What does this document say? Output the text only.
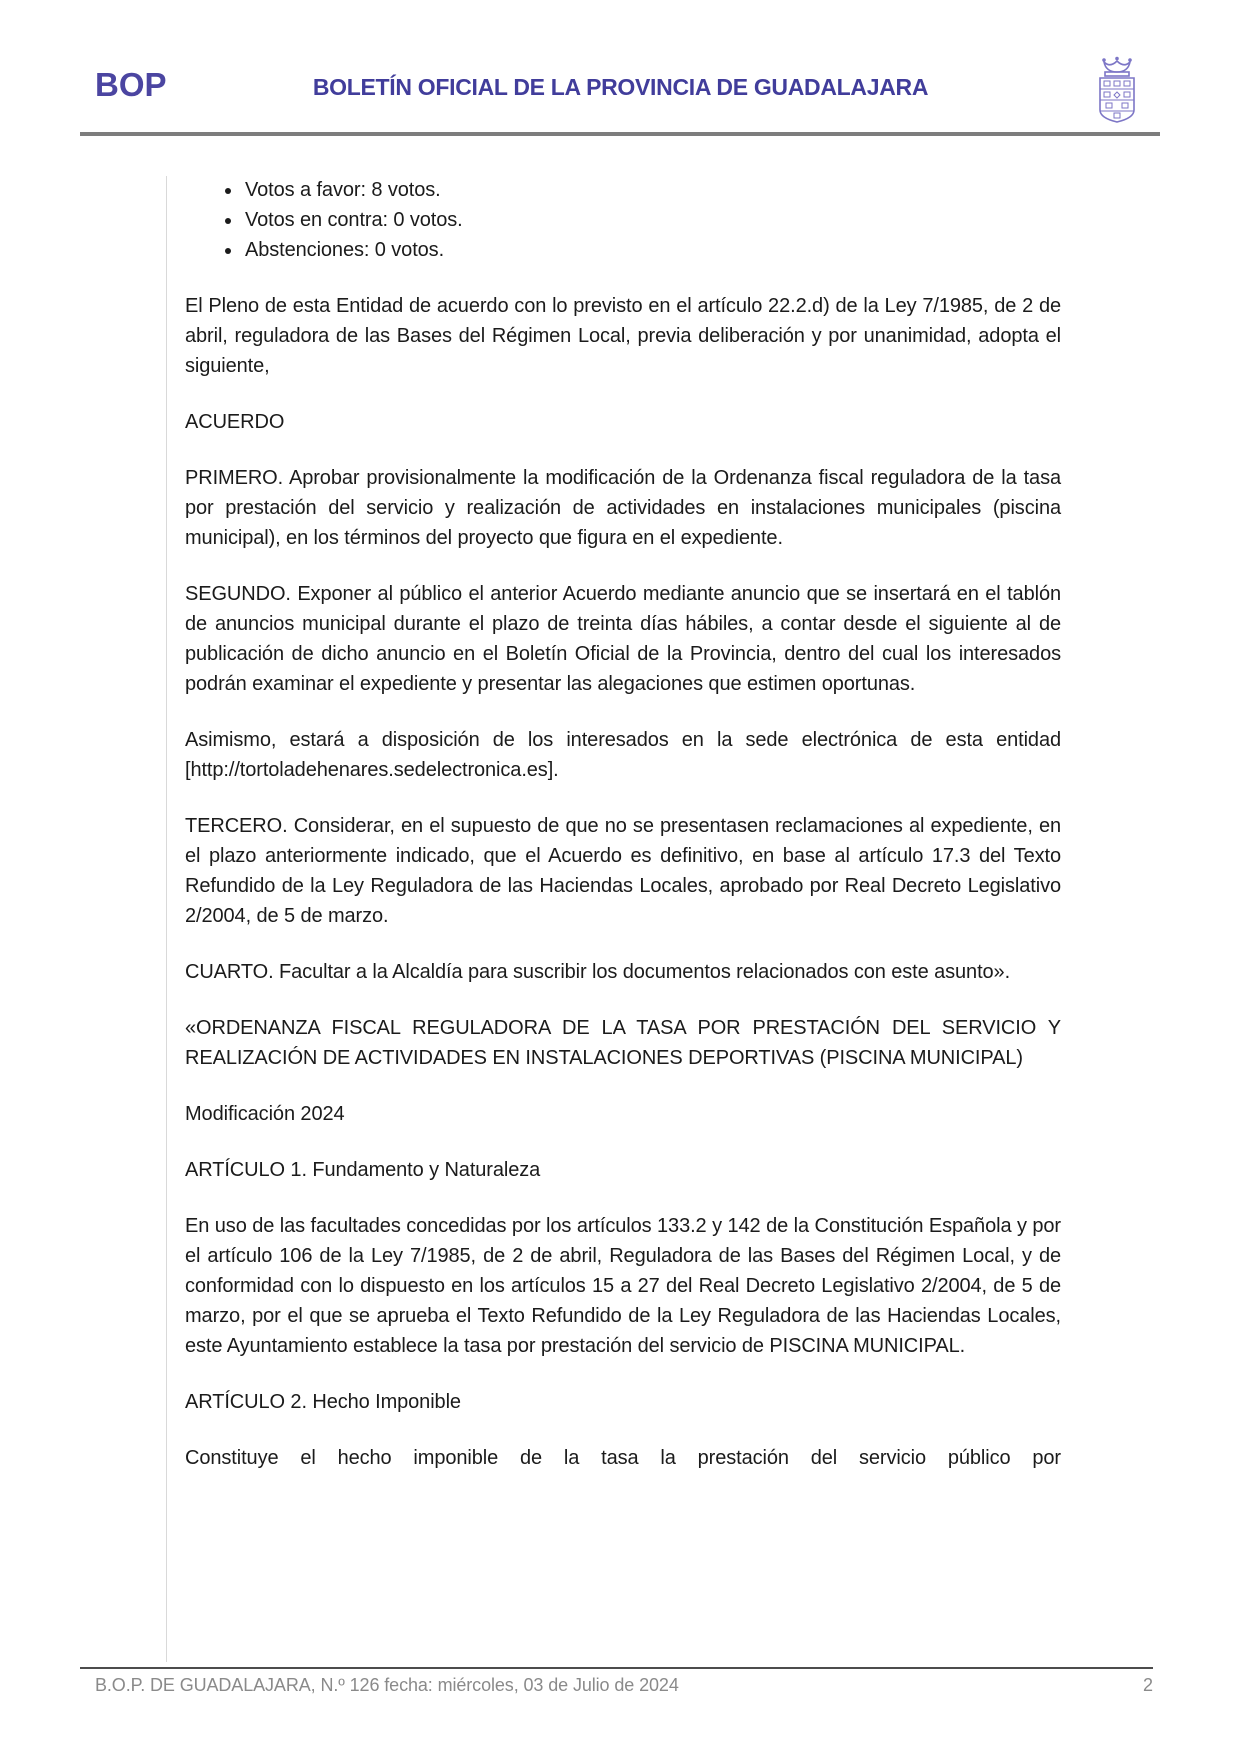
BOP	BOLETÍN OFICIAL DE LA PROVINCIA DE GUADALAJARA
• Votos a favor: 8 votos.
• Votos en contra: 0 votos.
• Abstenciones: 0 votos.

El Pleno de esta Entidad de acuerdo con lo previsto en el artículo 22.2.d) de la Ley 7/1985, de 2 de abril, reguladora de las Bases del Régimen Local, previa deliberación y por unanimidad, adopta el siguiente,

ACUERDO

PRIMERO. Aprobar provisionalmente la modificación de la Ordenanza fiscal reguladora de la tasa por prestación del servicio y realización de actividades en instalaciones municipales (piscina municipal), en los términos del proyecto que figura en el expediente.

SEGUNDO. Exponer al público el anterior Acuerdo mediante anuncio que se insertará en el tablón de anuncios municipal durante el plazo de treinta días hábiles, a contar desde el siguiente al de publicación de dicho anuncio en el Boletín Oficial de la Provincia, dentro del cual los interesados podrán examinar el expediente y presentar las alegaciones que estimen oportunas.

Asimismo, estará a disposición de los interesados en la sede electrónica de esta entidad [http://tortoladehenares.sedelectronica.es].

TERCERO. Considerar, en el supuesto de que no se presentasen reclamaciones al expediente, en el plazo anteriormente indicado, que el Acuerdo es definitivo, en base al artículo 17.3 del Texto Refundido de la Ley Reguladora de las Haciendas Locales, aprobado por Real Decreto Legislativo 2/2004, de 5 de marzo.

CUARTO. Facultar a la Alcaldía para suscribir los documentos relacionados con este asunto».

«ORDENANZA FISCAL REGULADORA DE LA TASA POR PRESTACIÓN DEL SERVICIO Y REALIZACIÓN DE ACTIVIDADES EN INSTALACIONES DEPORTIVAS (PISCINA MUNICIPAL)

Modificación 2024

ARTÍCULO 1. Fundamento y Naturaleza

En uso de las facultades concedidas por los artículos 133.2 y 142 de la Constitución Española y por el artículo 106 de la Ley 7/1985, de 2 de abril, Reguladora de las Bases del Régimen Local, y de conformidad con lo dispuesto en los artículos 15 a 27 del Real Decreto Legislativo 2/2004, de 5 de marzo, por el que se aprueba el Texto Refundido de la Ley Reguladora de las Haciendas Locales, este Ayuntamiento establece la tasa por prestación del servicio de PISCINA MUNICIPAL.

ARTÍCULO 2. Hecho Imponible

Constituye el hecho imponible de la tasa la prestación del servicio público por

B.O.P. DE GUADALAJARA, N.º 126 fecha: miércoles, 03 de Julio de 2024	2
